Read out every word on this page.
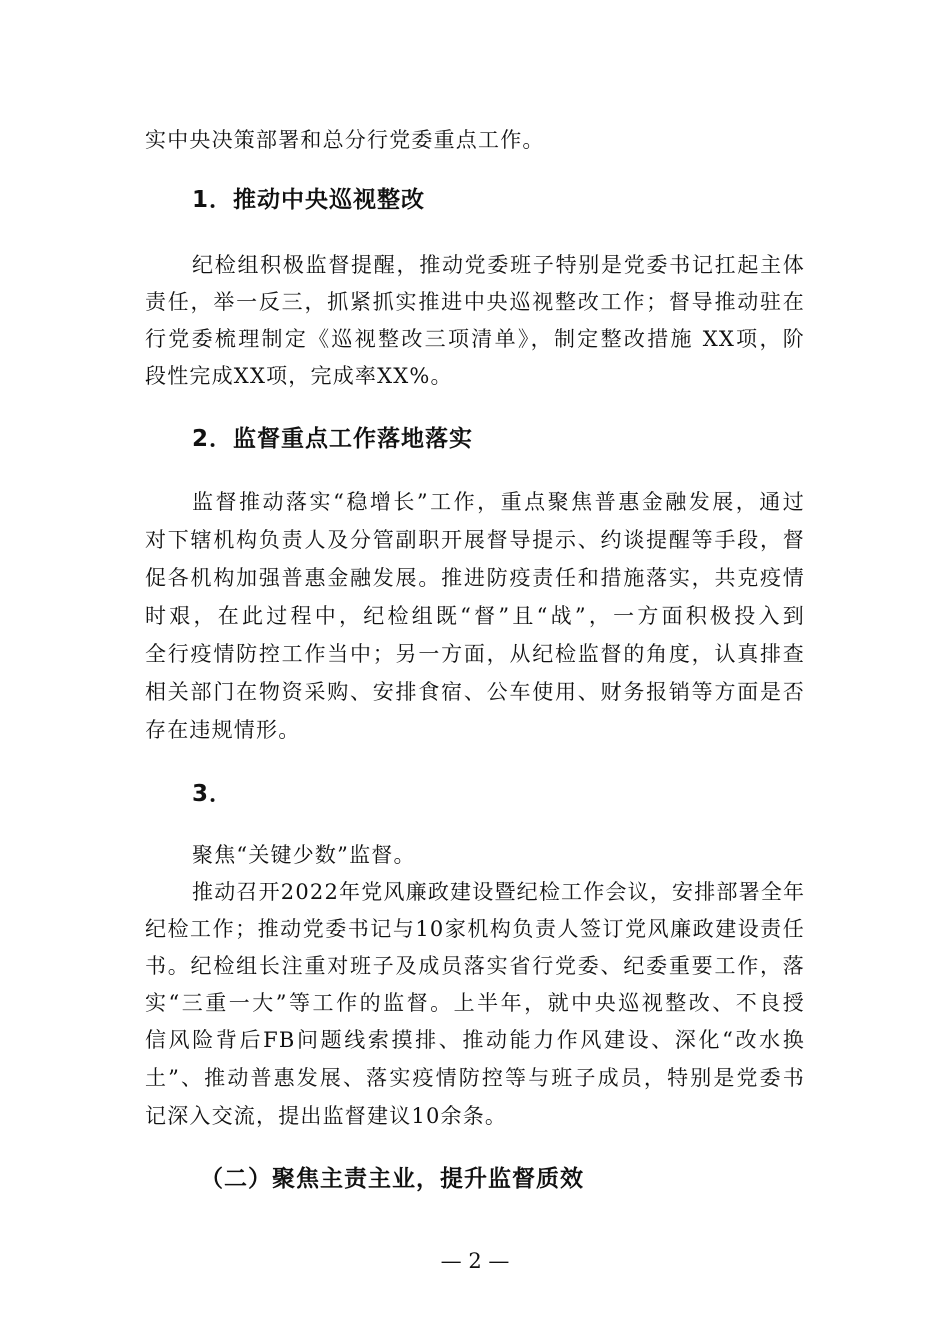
实中央决策部署和总分行党委重点工作。
1．推动中央巡视整改
纪检组积极监督提醒，推动党委班子特别是党委书记扛起主体
责任，举一反三，抓紧抓实推进中央巡视整改工作；督导推动驻在
行党委梳理制定《巡视整改三项清单》，制定整改措施 XX项，阶
段性完成XX项，完成率XX%。
2．监督重点工作落地落实
监督推动落实“稳增长”工作，重点聚焦普惠金融发展，通过
对下辖机构负责人及分管副职开展督导提示、约谈提醒等手段，督
促各机构加强普惠金融发展。推进防疫责任和措施落实，共克疫情
时艰，在此过程中，纪检组既“督”且“战”，一方面积极投入到
全行疫情防控工作当中；另一方面，从纪检监督的角度，认真排查
相关部门在物资采购、安排食宿、公车使用、财务报销等方面是否
存在违规情形。
3．
聚焦“关键少数”监督。
推动召开2022年党风廉政建设暨纪检工作会议，安排部署全年
纪检工作；推动党委书记与10家机构负责人签订党风廉政建设责任
书。纪检组长注重对班子及成员落实省行党委、纪委重要工作，落
实“三重一大”等工作的监督。上半年，就中央巡视整改、不良授
信风险背后FB问题线索摸排、推动能力作风建设、深化“改水换
土”、推动普惠发展、落实疫情防控等与班子成员，特别是党委书
记深入交流，提出监督建议10余条。
（二）聚焦主责主业，提升监督质效
— 2 —
